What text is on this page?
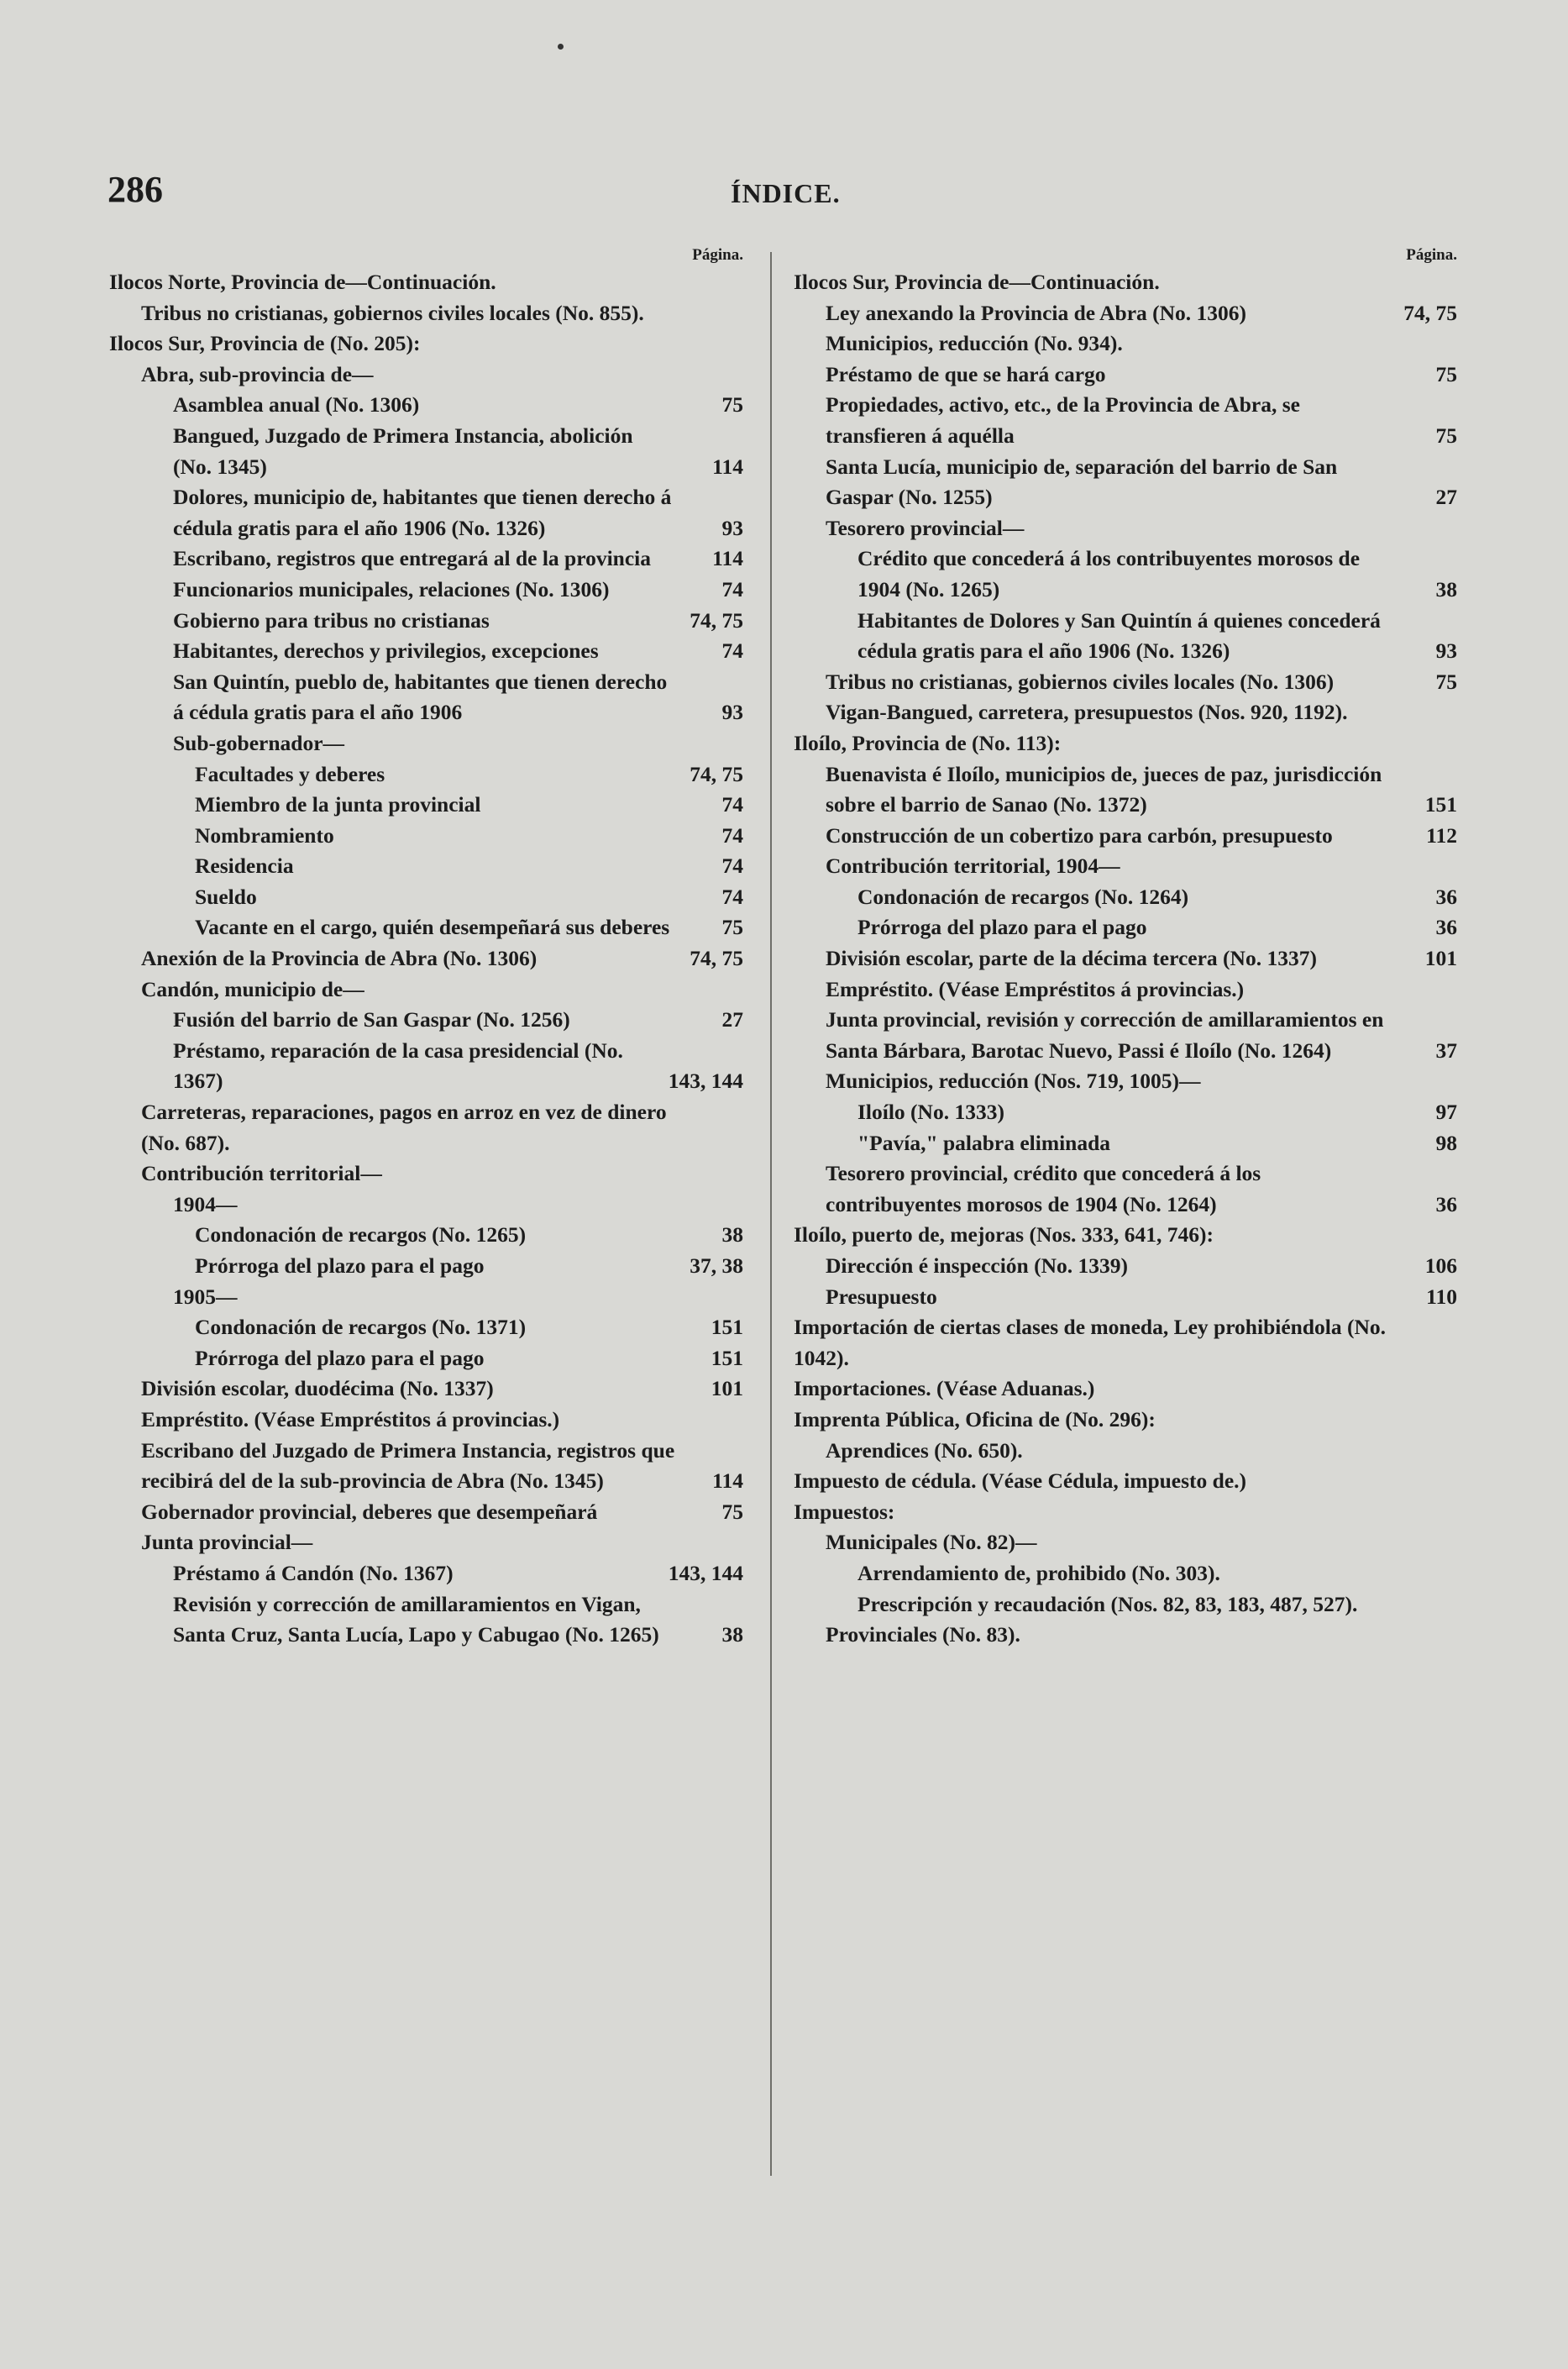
286	ÍNDICE.
Página.
Ilocos Norte, Provincia de—Continuación.
Tribus no cristianas, gobiernos civiles locales (No. 855).
Ilocos Sur, Provincia de (No. 205):
Abra, sub-provincia de—
Asamblea anual (No. 1306)	75
Bangued, Juzgado de Primera Instancia, abolición (No. 1345)	114
Dolores, municipio de, habitantes que tienen derecho á cédula gratis para el año 1906 (No. 1326)	93
Escribano, registros que entregará al de la provincia	114
Funcionarios municipales, relaciones (No. 1306)	74
Gobierno para tribus no cristianas	74, 75
Habitantes, derechos y privilegios, excepciones	74
San Quintín, pueblo de, habitantes que tienen derecho á cédula gratis para el año 1906	93
Sub-gobernador—
Facultades y deberes	74, 75
Miembro de la junta provincial	74
Nombramiento	74
Residencia	74
Sueldo	74
Vacante en el cargo, quién desempeñará sus deberes 75
Anexión de la Provincia de Abra (No. 1306)	74, 75
Candón, municipio de—
Fusión del barrio de San Gaspar (No. 1256)	27
Préstamo, reparación de la casa presidencial (No. 1367)	143, 144
Carreteras, reparaciones, pagos en arroz en vez de dinero (No. 687).
Contribución territorial—
1904—
Condonación de recargos (No. 1265)	38
Prórroga del plazo para el pago	37, 38
1905—
Condonación de recargos (No. 1371)	151
Prórroga del plazo para el pago	151
División escolar, duodécima (No. 1337)	101
Empréstito. (Véase Empréstitos á provincias.)
Escribano del Juzgado de Primera Instancia, registros que recibirá del de la sub-provincia de Abra (No. 1345)	114
Gobernador provincial, deberes que desempeñará	75
Junta provincial—
Préstamo á Candón (No. 1367)	143, 144
Revisión y corrección de amillaramientos en Vigan, Santa Cruz, Santa Lucía, Lapo y Cabugao (No. 1265)	38
Página.
Ilocos Sur, Provincia de—Continuación.
Ley anexando la Provincia de Abra (No. 1306)	74, 75
Municipios, reducción (No. 934).
Préstamo de que se hará cargo	75
Propiedades, activo, etc., de la Provincia de Abra, se transfieren á aquélla	75
Santa Lucía, municipio de, separación del barrio de San Gaspar (No. 1255)	27
Tesorero provincial—
Crédito que concederá á los contribuyentes morosos de 1904 (No. 1265)	38
Habitantes de Dolores y San Quintín á quienes concederá cédula gratis para el año 1906 (No. 1326)	93
Tribus no cristianas, gobiernos civiles locales (No. 1306)	75
Vigan-Bangued, carretera, presupuestos (Nos. 920, 1192).
Iloílo, Provincia de (No. 113):
Buenavista é Iloílo, municipios de, jueces de paz, jurisdicción sobre el barrio de Sanao (No. 1372)	151
Construcción de un cobertizo para carbón, presupuesto	112
Contribución territorial, 1904—
Condonación de recargos (No. 1264)	36
Prórroga del plazo para el pago	36
División escolar, parte de la décima tercera (No. 1337)	101
Empréstito. (Véase Empréstitos á provincias.)
Junta provincial, revisión y corrección de amillaramientos en Santa Bárbara, Barotac Nuevo, Passi é Iloílo (No. 1264)	37
Municipios, reducción (Nos. 719, 1005)—
Iloílo (No. 1333)	97
"Pavía," palabra eliminada	98
Tesorero provincial, crédito que concederá á los contribuyentes morosos de 1904 (No. 1264)	36
Iloílo, puerto de, mejoras (Nos. 333, 641, 746):
Dirección é inspección (No. 1339)	106
Presupuesto	110
Importación de ciertas clases de moneda, Ley prohibiéndola (No. 1042).
Importaciones. (Véase Aduanas.)
Imprenta Pública, Oficina de (No. 296):
Aprendices (No. 650).
Impuesto de cédula. (Véase Cédula, impuesto de.)
Impuestos:
Municipales (No. 82)—
Arrendamiento de, prohibido (No. 303).
Prescripción y recaudación (Nos. 82, 83, 183, 487, 527).
Provinciales (No. 83).
